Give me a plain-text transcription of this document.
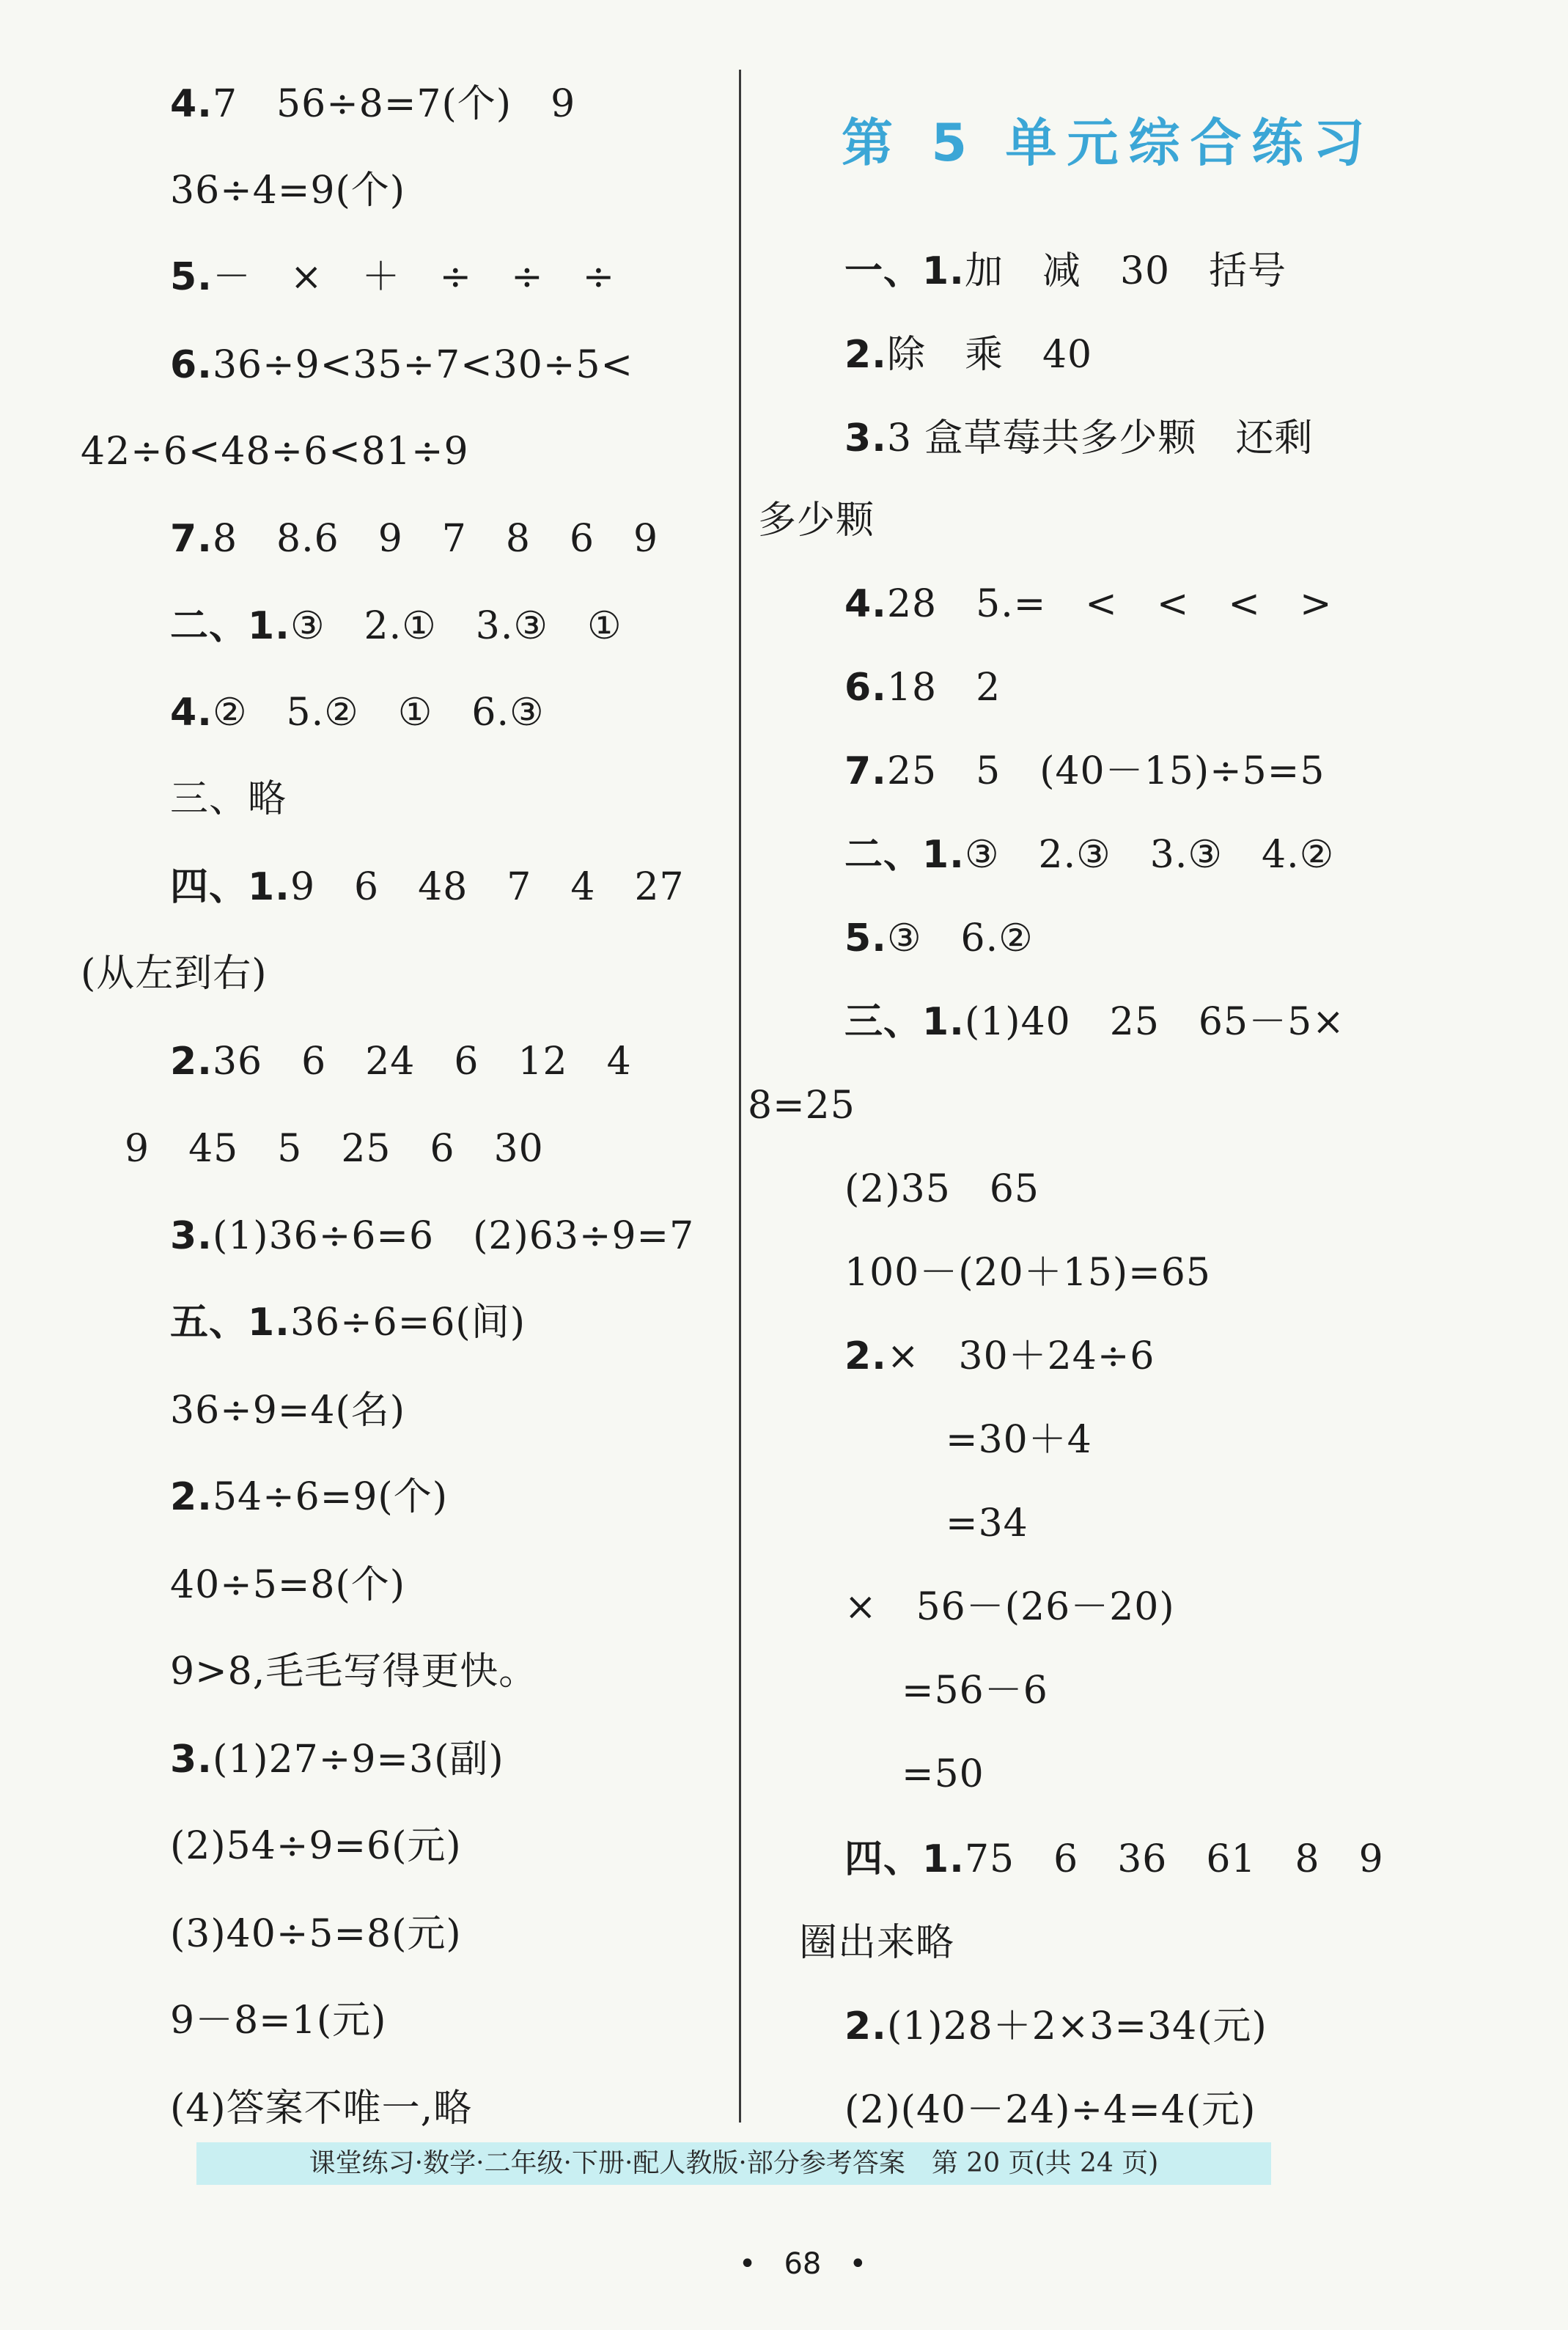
4.7　56÷8=7(个)　9
36÷4=9(个)
5.－　×　＋　÷　÷　÷
6.36÷9<35÷7<30÷5<
42÷6<48÷6<81÷9
7.8　8.6　9　7　8　6　9
二、1.③　2.①　3.③　①
4.②　5.②　①　6.③
三、略
四、1.9　6　48　7　4　27
(从左到右)
2.36　6　24　6　12　4
9　45　5　25　6　30
3.(1)36÷6=6　(2)63÷9=7
五、1.36÷6=6(间)
36÷9=4(名)
2.54÷6=9(个)
40÷5=8(个)
9>8,毛毛写得更快。
3.(1)27÷9=3(副)
(2)54÷9=6(元)
(3)40÷5=8(元)
9－8=1(元)
(4)答案不唯一,略
第 5 单元综合练习
一、1.加　减　30　括号
2.除　乘　40
3.3 盒草莓共多少颗　还剩
多少颗
4.28　5.=　<　<　<　>
6.18　2
7.25　5　(40－15)÷5=5
二、1.③　2.③　3.③　4.②
5.③　6.②
三、1.(1)40　25　65－5×
8=25
(2)35　65
100－(20＋15)=65
2.×　30＋24÷6
=30＋4
=34
×　56－(26－20)
=56－6
=50
四、1.75　6　36　61　8　9
圈出来略
2.(1)28＋2×3=34(元)
(2)(40－24)÷4=4(元)
课堂练习·数学·二年级·下册·配人教版·部分参考答案　第 20 页(共 24 页)

•   68   •
